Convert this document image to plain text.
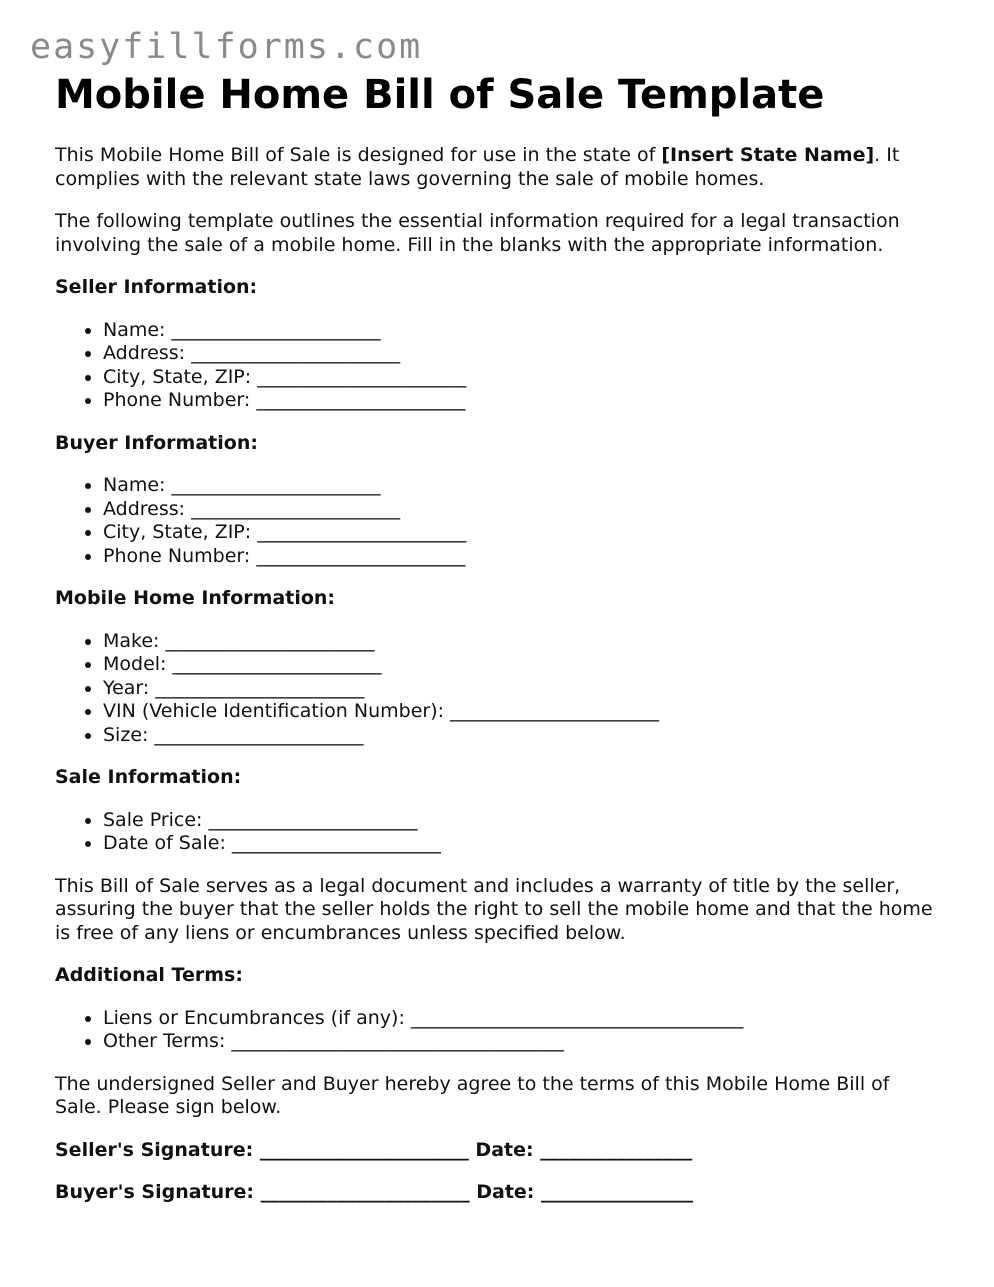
easyfillforms.com
Mobile Home Bill of Sale Template

This Mobile Home Bill of Sale is designed for use in the state of [Insert State Name]. It complies with the relevant state laws governing the sale of mobile homes.

The following template outlines the essential information required for a legal transaction involving the sale of a mobile home. Fill in the blanks with the appropriate information.

Seller Information:
• Name: ______________________
• Address: ______________________
• City, State, ZIP: ______________________
• Phone Number: ______________________
Buyer Information:
• Name: ______________________
• Address: ______________________
• City, State, ZIP: ______________________
• Phone Number: ______________________
Mobile Home Information:
• Make: ______________________
• Model: ______________________
• Year: ______________________
• VIN (Vehicle Identification Number): ______________________
• Size: ______________________
Sale Information:
• Sale Price: ______________________
• Date of Sale: ______________________

This Bill of Sale serves as a legal document and includes a warranty of title by the seller, assuring the buyer that the seller holds the right to sell the mobile home and that the home is free of any liens or encumbrances unless specified below.

Additional Terms:
• Liens or Encumbrances (if any): ___________________________________
• Other Terms: ___________________________________

The undersigned Seller and Buyer hereby agree to the terms of this Mobile Home Bill of Sale. Please sign below.

Seller's Signature: ______________________ Date: ________________
Buyer's Signature: ______________________ Date: ________________
